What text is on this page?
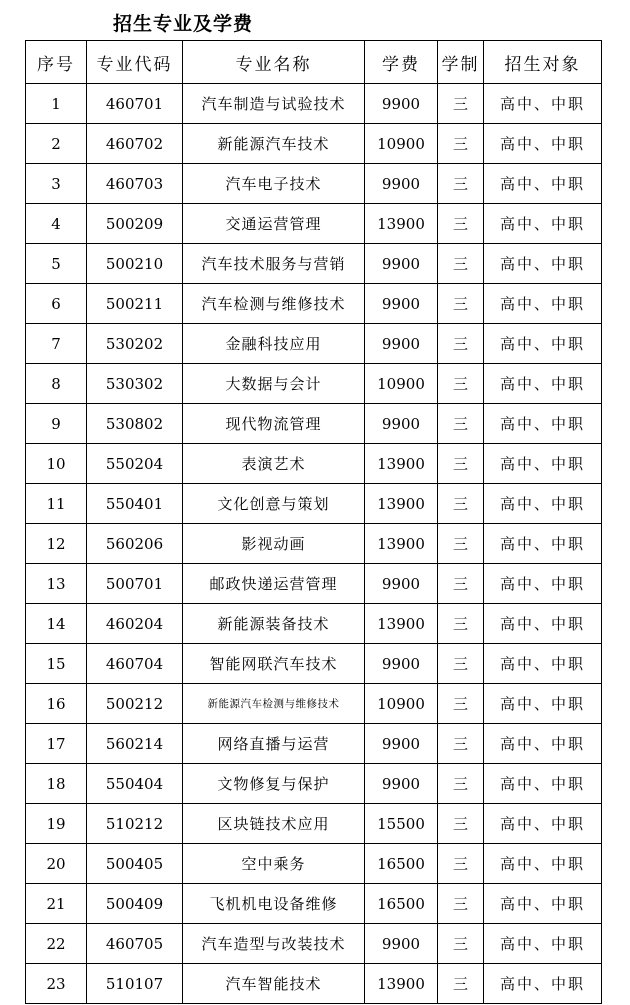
招生专业及学费
序号	专业代码	专业名称	学费	学制	招生对象
1	460701	汽车制造与试验技术	9900	三	高中、中职
2	460702	新能源汽车技术	10900	三	高中、中职
3	460703	汽车电子技术	9900	三	高中、中职
4	500209	交通运营管理	13900	三	高中、中职
5	500210	汽车技术服务与营销	9900	三	高中、中职
6	500211	汽车检测与维修技术	9900	三	高中、中职
7	530202	金融科技应用	9900	三	高中、中职
8	530302	大数据与会计	10900	三	高中、中职
9	530802	现代物流管理	9900	三	高中、中职
10	550204	表演艺术	13900	三	高中、中职
11	550401	文化创意与策划	13900	三	高中、中职
12	560206	影视动画	13900	三	高中、中职
13	500701	邮政快递运营管理	9900	三	高中、中职
14	460204	新能源装备技术	13900	三	高中、中职
15	460704	智能网联汽车技术	9900	三	高中、中职
16	500212	新能源汽车检测与维修技术	10900	三	高中、中职
17	560214	网络直播与运营	9900	三	高中、中职
18	550404	文物修复与保护	9900	三	高中、中职
19	510212	区块链技术应用	15500	三	高中、中职
20	500405	空中乘务	16500	三	高中、中职
21	500409	飞机机电设备维修	16500	三	高中、中职
22	460705	汽车造型与改装技术	9900	三	高中、中职
23	510107	汽车智能技术	13900	三	高中、中职
